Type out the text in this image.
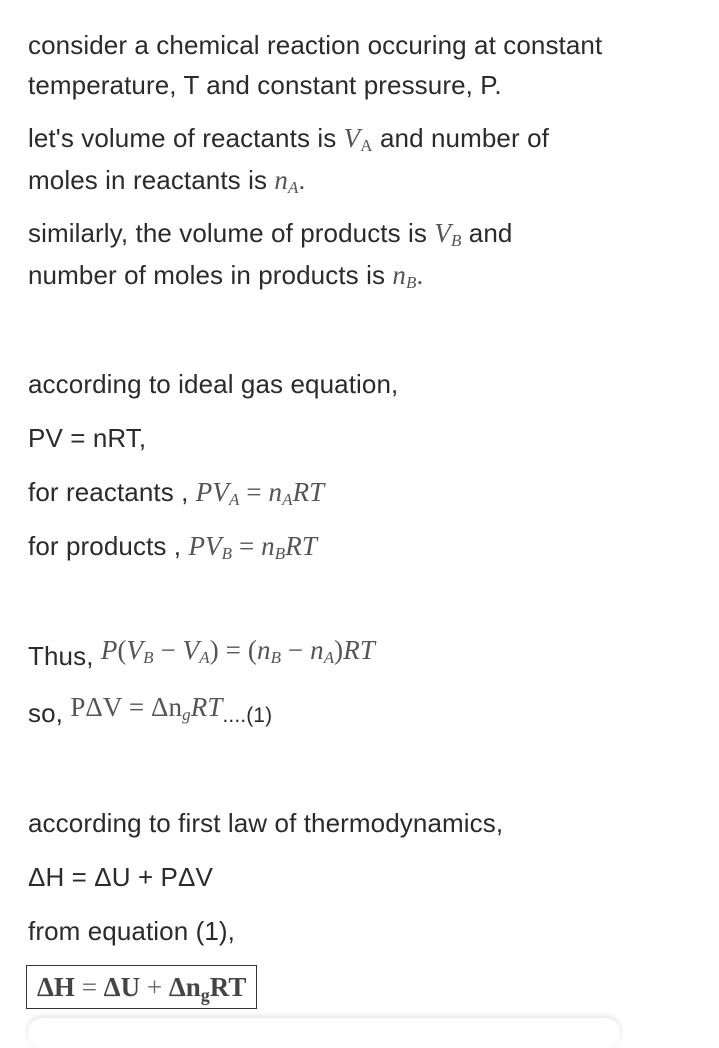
consider a chemical reaction occuring at constant
temperature, T and constant pressure, P.
let's volume of reactants is $V_A$ and number of
moles in reactants is $n_A$.
similarly, the volume of products is $V_B$ and
number of moles in products is $n_B$.
according to ideal gas equation,
PV = nRT,
for reactants , $PV_A = n_ART$
for products , $PV_B = n_BRT$
Thus, $P(V_B - V_A) = (n_B - n_A)RT$
so, $P\Delta V = \Delta n_gRT....(1)$
according to first law of thermodynamics,
ΔH = ΔU + PΔV
from equation (1),
$\Delta H = \Delta U + \Delta n_gRT$
